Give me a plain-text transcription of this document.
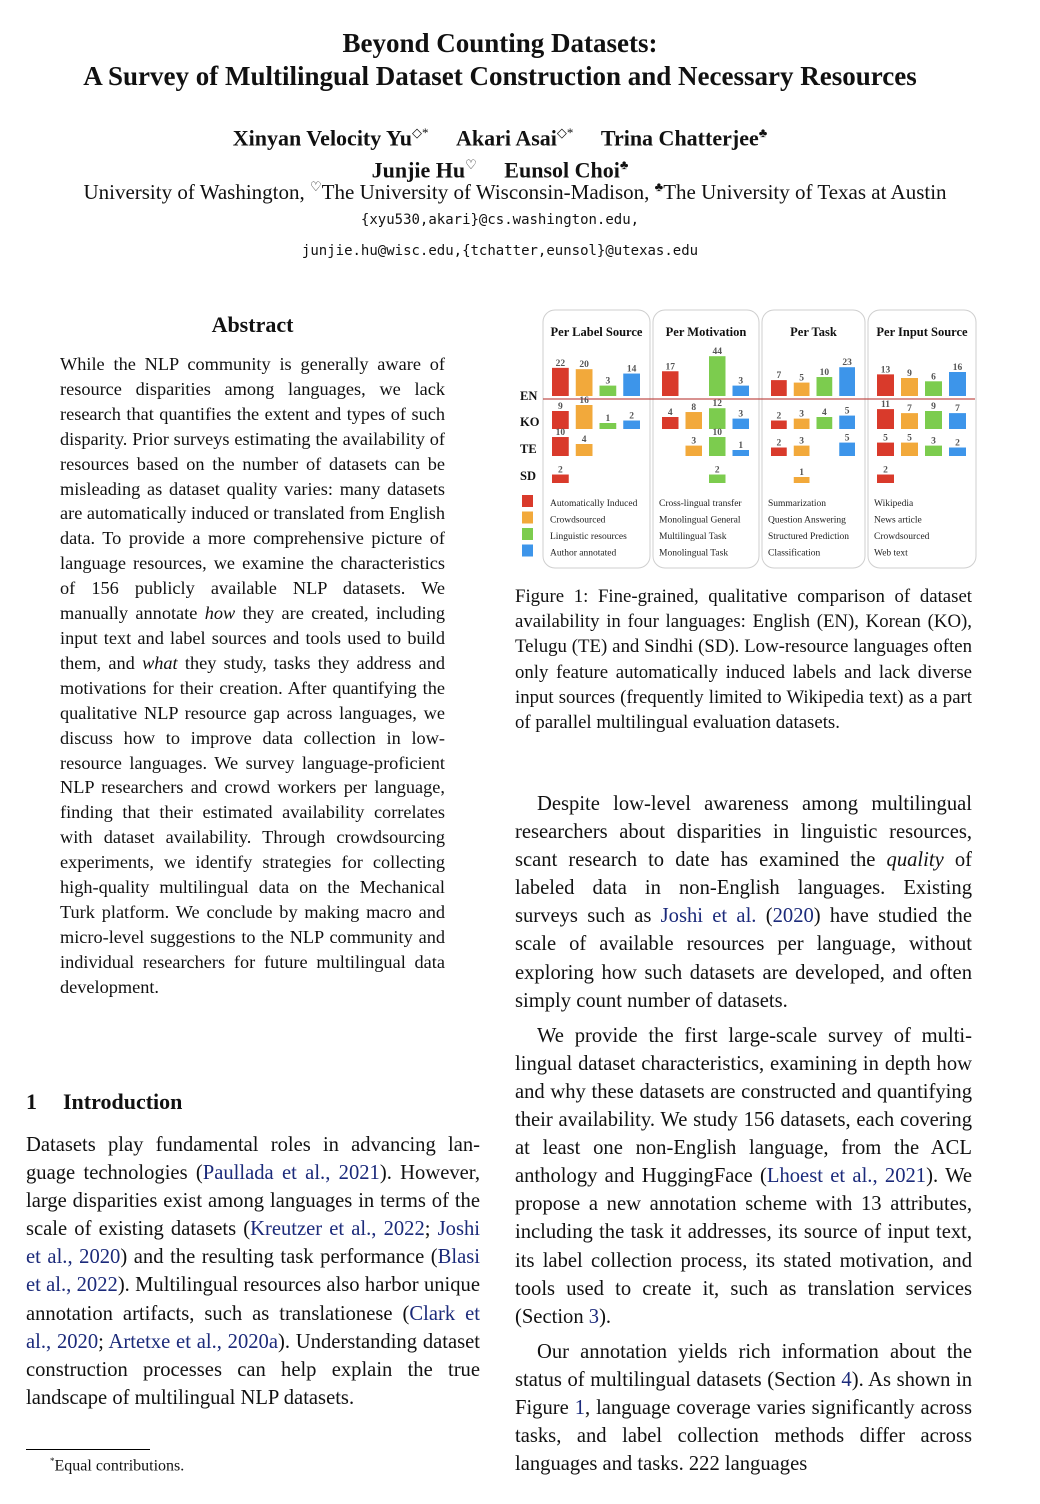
Beyond Counting Datasets:
A Survey of Multilingual Dataset Construction and Necessary Resources
Xinyan Velocity Yu◇* Akari Asai◇* Trina Chatterjee♣
Junjie Hu♡ Eunsol Choi♣
University of Washington, ♡The University of Wisconsin-Madison, ♣The University of Texas at Austin
{xyu530,akari}@cs.washington.edu,
junjie.hu@wisc.edu,{tchatter,eunsol}@utexas.edu
Abstract
While the NLP community is generally aware of resource disparities among languages, we lack research that quantifies the extent and types of such disparity. Prior surveys estimating the availability of resources based on the number of datasets can be misleading as dataset quality varies: many datasets are automatically induced or translated from English data. To provide a more comprehensive picture of language resources, we examine the characteristics of 156 publicly available NLP datasets. We manually annotate how they are created, including input text and label sources and tools used to build them, and what they study, tasks they address and motivations for their creation. After quantifying the qualitative NLP resource gap across languages, we discuss how to improve data collection in low-resource languages. We survey language-proficient NLP researchers and crowd workers per language, finding that their estimated availability correlates with dataset availability. Through crowdsourcing experiments, we identify strategies for collecting high-quality multilingual data on the Mechanical Turk platform. We conclude by making macro and micro-level suggestions to the NLP community and individual researchers for future multilingual data development.
1 Introduction

Datasets play fundamental roles in advancing language technologies (Paullada et al., 2021). However, large disparities exist among languages in terms of the scale of existing datasets (Kreutzer et al., 2022; Joshi et al., 2020) and the resulting task performance (Blasi et al., 2022). Multilingual resources also harbor unique annotation artifacts, such as translationese (Clark et al., 2020; Artetxe et al., 2020a). Understanding dataset construction processes can help explain the true landscape of multilingual NLP datasets.

*Equal contributions.
Per Label Source Per Motivation	Per Task	Per Input Source
EN
KO
TE
SD
22 20
3
14
9
16
1 2
10
4
2
Automatically Induced
Crowdsourced
Linguistic resources
Author annotated
17
44
3
4 8 12
3
3
10
1
2
Cross-lingual transfer
Monolingual General
Multilingual Task
Monolingual Task
7 5
10
23
2 3 4 5
2 3	5
1
Summarization
Question Answering
Structured Prediction
Classification
13 9 6
16
11 7 9 7
5 5 3 2
2
Wikipedia
News article
Crowdsourced
Web text
Figure 1: Fine-grained, qualitative comparison of dataset availability in four languages: English (EN), Korean (KO), Telugu (TE) and Sindhi (SD). Low-resource languages often only feature automatically induced labels and lack diverse input sources (frequently limited to Wikipedia text) as a part of parallel multilingual evaluation datasets.

Despite low-level awareness among multilingual researchers about disparities in linguistic resources, scant research to date has examined the quality of labeled data in non-English languages. Existing surveys such as Joshi et al. (2020) have studied the scale of available resources per language, without exploring how such datasets are developed, and often simply count number of datasets.

We provide the first large-scale survey of multilingual dataset characteristics, examining in depth how and why these datasets are constructed and quantifying their availability. We study 156 datasets, each covering at least one non-English language, from the ACL anthology and HuggingFace (Lhoest et al., 2021). We propose a new annotation scheme with 13 attributes, including the task it addresses, its source of input text, its label collection process, its stated motivation, and tools used to create it, such as translation services (Section 3).

Our annotation yields rich information about the status of multilingual datasets (Section 4). As shown in Figure 1, language coverage varies significantly across tasks, and label collection methods differ across languages and tasks. 222 languages
